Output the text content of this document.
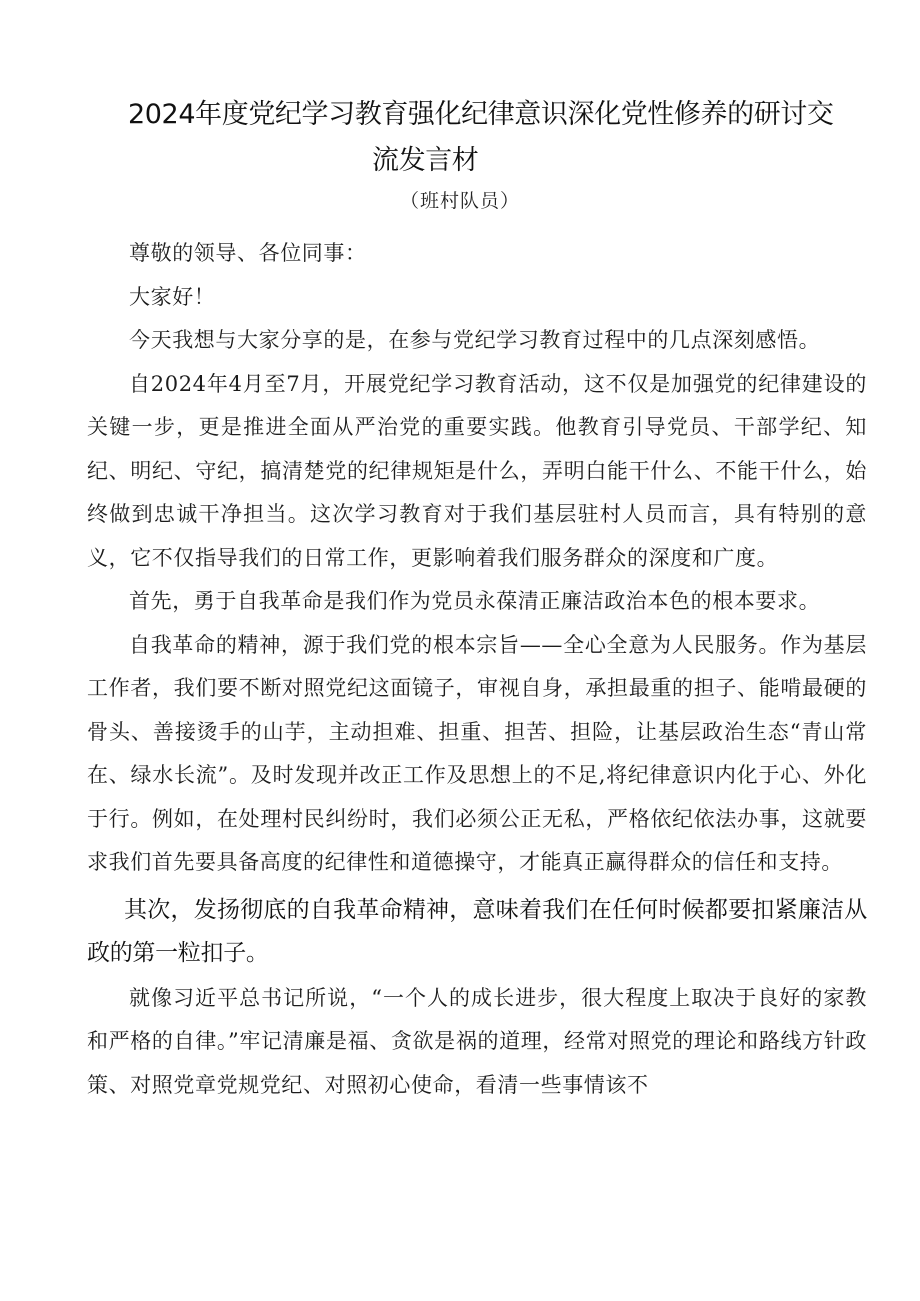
2024年度党纪学习教育强化纪律意识深化党性修养的研讨交
流发言材

（班村队员）

尊敬的领导、各位同事：

大家好！

今天我想与大家分享的是，在参与党纪学习教育过程中的几点深刻感悟。

自2024年4月至7月，开展党纪学习教育活动，这不仅是加强党的纪律建设的关键一步，更是推进全面从严治党的重要实践。他教育引导党员、干部学纪、知纪、明纪、守纪，搞清楚党的纪律规矩是什么，弄明白能干什么、不能干什么，始终做到忠诚干净担当。这次学习教育对于我们基层驻村人员而言，具有特别的意义，它不仅指导我们的日常工作，更影响着我们服务群众的深度和广度。

首先，勇于自我革命是我们作为党员永葆清正廉洁政治本色的根本要求。

自我革命的精神，源于我们党的根本宗旨——全心全意为人民服务。作为基层工作者，我们要不断对照党纪这面镜子，审视自身，承担最重的担子、能啃最硬的骨头、善接烫手的山芋，主动担难、担重、担苦、担险，让基层政治生态“青山常在、绿水长流”。及时发现并改正工作及思想上的不足,将纪律意识内化于心、外化于行。例如，在处理村民纠纷时，我们必须公正无私，严格依纪依法办事，这就要求我们首先要具备高度的纪律性和道德操守，才能真正赢得群众的信任和支持。

其次，发扬彻底的自我革命精神，意味着我们在任何时候都要扣紧廉洁从政的第一粒扣子。

就像习近平总书记所说，“一个人的成长进步，很大程度上取决于良好的家教和严格的自律。”牢记清廉是福、贪欲是祸的道理，经常对照党的理论和路线方针政策、对照党章党规党纪、对照初心使命，看清一些事情该不
